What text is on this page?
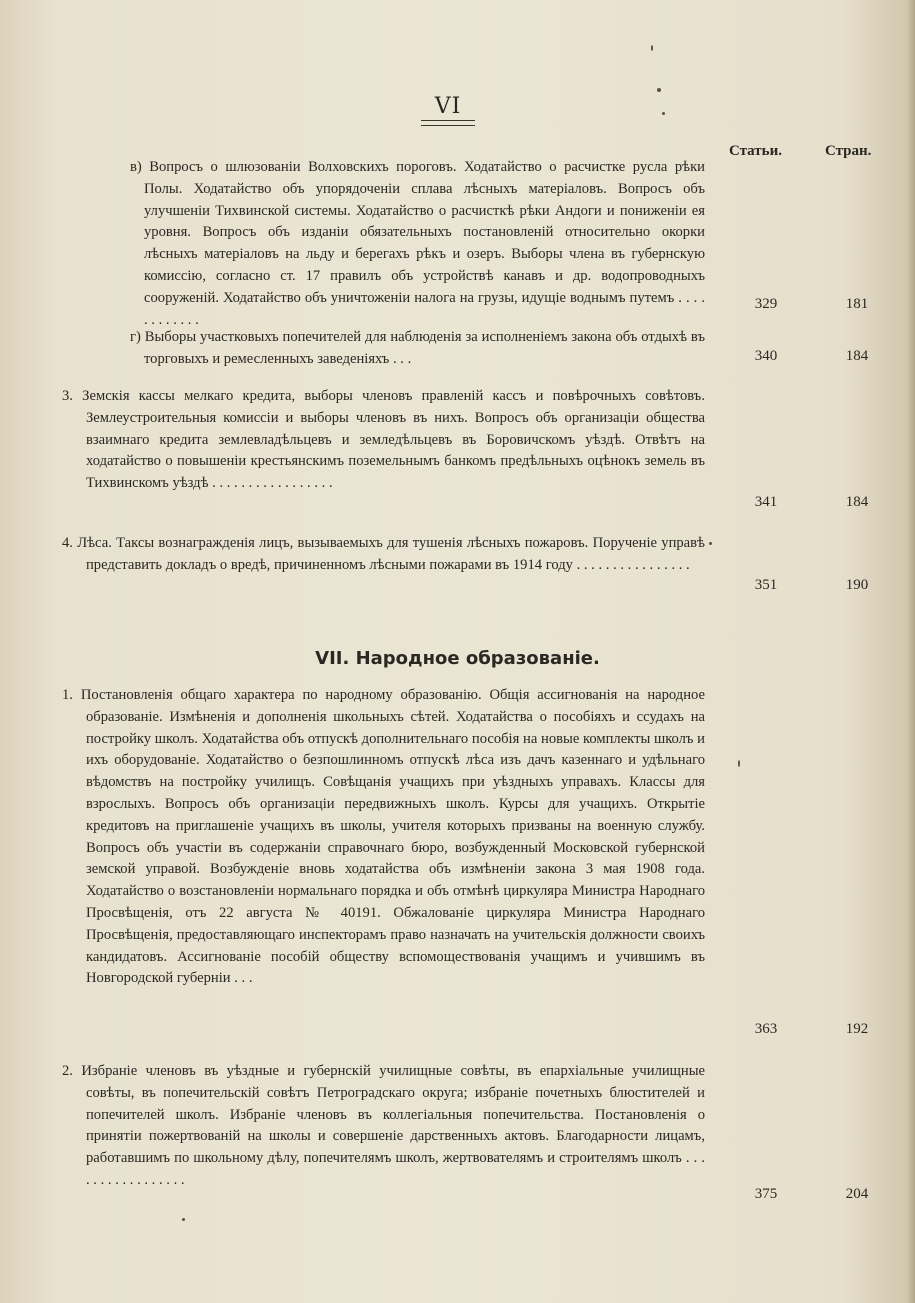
VI
Статьи.	Стран.
в) Вопросъ о шлюзованіи Волховскихъ пороговъ. Ходатайство о расчистке русла рѣки Полы. Ходатайство объ упорядоченіи сплава лѣсныхъ матеріаловъ. Вопросъ объ улучшеніи Тихвинской системы. Ходатайство о расчисткѣ рѣки Андоги и пониженіи ея уровня. Вопросъ объ изданіи обязательныхъ постановленій относительно окорки лѣсныхъ матеріаловъ на льду и берегахъ рѣкъ и озеръ. Выборы члена въ губернскую комиссію, согласно ст. 17 правилъ объ устройствѣ канавъ и др. водопроводныхъ сооруженій. Ходатайство объ уничтоженіи налога на грузы, идущіе воднымъ путемъ . . . . . . . . . . . .
329	181
г) Выборы участковыхъ попечителей для наблюденія за исполненіемъ закона объ отдыхѣ въ торговыхъ и ремесленныхъ заведеніяхъ . . .	340	184
3. Земскія кассы мелкаго кредита, выборы членовъ правленій кассъ и повѣрочныхъ совѣтовъ. Землеустроительныя комиссіи и выборы членовъ въ нихъ. Вопросъ объ организаціи общества взаимнаго кредита землевладѣльцевъ и земледѣльцевъ въ Боровичскомъ уѣздѣ. Отвѣтъ на ходатайство о повышеніи крестьянскимъ поземельнымъ банкомъ предѣльныхъ оцѣнокъ земель въ Тихвинскомъ уѣздѣ . . . . . . . . . . . . . . . . .
341	184
4. Лѣса. Таксы вознагражденія лицъ, вызываемыхъ для тушенія лѣсныхъ пожаровъ. Порученіе управѣ представить докладъ о вредѣ, причиненномъ лѣсными пожарами въ 1914 году . . . . . . . . . . . . . . . .
351	190
VII. Народное образованіе.
1. Постановленія общаго характера по народному образованію. Общія ассигнованія на народное образованіе. Измѣненія и дополненія школьныхъ сѣтей. Ходатайства о пособіяхъ и ссудахъ на постройку школъ. Ходатайства объ отпускѣ дополнительнаго пособія на новые комплекты школъ и ихъ оборудованіе. Ходатайство о безпошлинномъ отпускѣ лѣса изъ дачъ казеннаго и удѣльнаго вѣдомствъ на постройку училищъ. Совѣщанія учащихъ при уѣздныхъ управахъ. Классы для взрослыхъ. Вопросъ объ организаціи передвижныхъ школъ. Курсы для учащихъ. Открытіе кредитовъ на приглашеніе учащихъ въ школы, учителя которыхъ призваны на военную службу. Вопросъ объ участіи въ содержаніи справочнаго бюро, возбужденный Московской губернской земской управой. Возбужденіе вновь ходатайства объ измѣненіи закона 3 мая 1908 года. Ходатайство о возстановленіи нормальнаго порядка и объ отмѣнѣ циркуляра Министра Народнаго Просвѣщенія, отъ 22 августа № 40191. Обжалованіе циркуляра Министра Народнаго Просвѣщенія, предоставляющаго инспекторамъ право назначать на учительскія должности своихъ кандидатовъ. Ассигнованіе пособій обществу вспомоществованія учащимъ и учившимъ въ Новгородской губерніи . . .
363	192
2. Избраніе членовъ въ уѣздные и губернскій училищные совѣты, въ епархіальные училищные совѣты, въ попечительскій совѣтъ Петроградскаго округа; избраніе почетныхъ блюстителей и попечителей школъ. Избраніе членовъ въ коллегіальныя попечительства. Постановленія о принятіи пожертвованій на школы и совершеніе дарственныхъ актовъ. Благодарности лицамъ, работавшимъ по школьному дѣлу, попечителямъ школъ, жертвователямъ и строителямъ школъ . . . . . . . . . . . . . . . . .
375	204
